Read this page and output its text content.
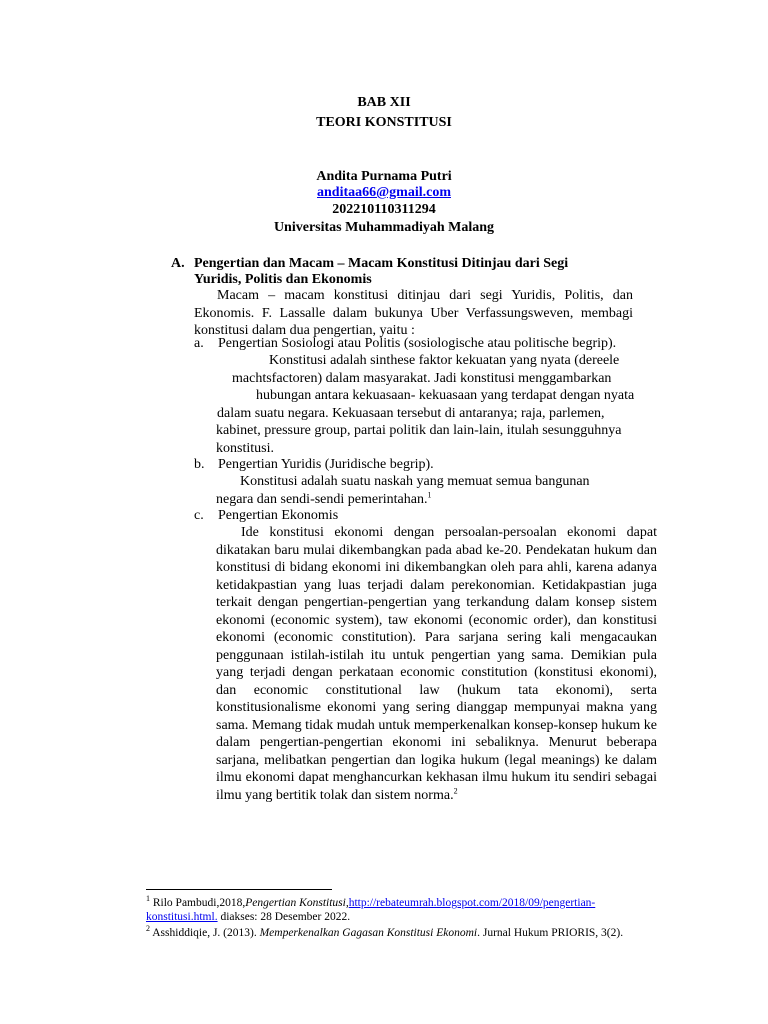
BAB XII
TEORI KONSTITUSI
Andita Purnama Putri
anditaa66@gmail.com
202210110311294
Universitas Muhammadiyah Malang
A. Pengertian dan Macam – Macam Konstitusi Ditinjau dari Segi Yuridis, Politis dan Ekonomis
Macam – macam konstitusi ditinjau dari segi Yuridis, Politis, dan Ekonomis. F. Lassalle dalam bukunya Uber Verfassungsweven, membagi konstitusi dalam dua pengertian, yaitu :
a. Pengertian Sosiologi atau Politis (sosiologische atau politische begrip).
Konstitusi adalah sinthese faktor kekuatan yang nyata (dereele
machtsfactoren) dalam masyarakat. Jadi konstitusi menggambarkan
hubungan antara kekuasaan- kekuasaan yang terdapat dengan nyata
dalam suatu negara. Kekuasaan tersebut di antaranya; raja, parlemen,
kabinet, pressure group, partai politik dan lain-lain, itulah sesungguhnya
konstitusi.
b. Pengertian Yuridis (Juridische begrip).
Konstitusi adalah suatu naskah yang memuat semua bangunan
negara dan sendi-sendi pemerintahan.$^1$
c. Pengertian Ekonomis
Ide konstitusi ekonomi dengan persoalan-persoalan ekonomi dapat dikatakan baru mulai dikembangkan pada abad ke-20. Pendekatan hukum dan konstitusi di bidang ekonomi ini dikembangkan oleh para ahli, karena adanya ketidakpastian yang luas terjadi dalam perekonomian. Ketidakpastian juga terkait dengan pengertian-pengertian yang terkandung dalam konsep sistem ekonomi (economic system), taw ekonomi (economic order), dan konstitusi ekonomi (economic constitution). Para sarjana sering kali mengacaukan penggunaan istilah-istilah itu untuk pengertian yang sama. Demikian pula yang terjadi dengan perkataan economic constitution (konstitusi ekonomi), dan economic constitutional law (hukum tata ekonomi), serta konstitusionalisme ekonomi yang sering dianggap mempunyai makna yang sama. Memang tidak mudah untuk memperkenalkan konsep-konsep hukum ke dalam pengertian-pengertian ekonomi ini sebaliknya. Menurut beberapa sarjana, melibatkan pengertian dan logika hukum (legal meanings) ke dalam ilmu ekonomi dapat menghancurkan kekhasan ilmu hukum itu sendiri sebagai ilmu yang bertitik tolak dan sistem norma.$^2$
$^1$ Rilo Pambudi,2018,Pengertian Konstitusi,http://rebateumrah.blogspot.com/2018/09/pengertian-konstitusi.html. diakses: 28 Desember 2022.
$^2$ Asshiddiqie, J. (2013). Memperkenalkan Gagasan Konstitusi Ekonomi. Jurnal Hukum PRIORIS, 3(2).
